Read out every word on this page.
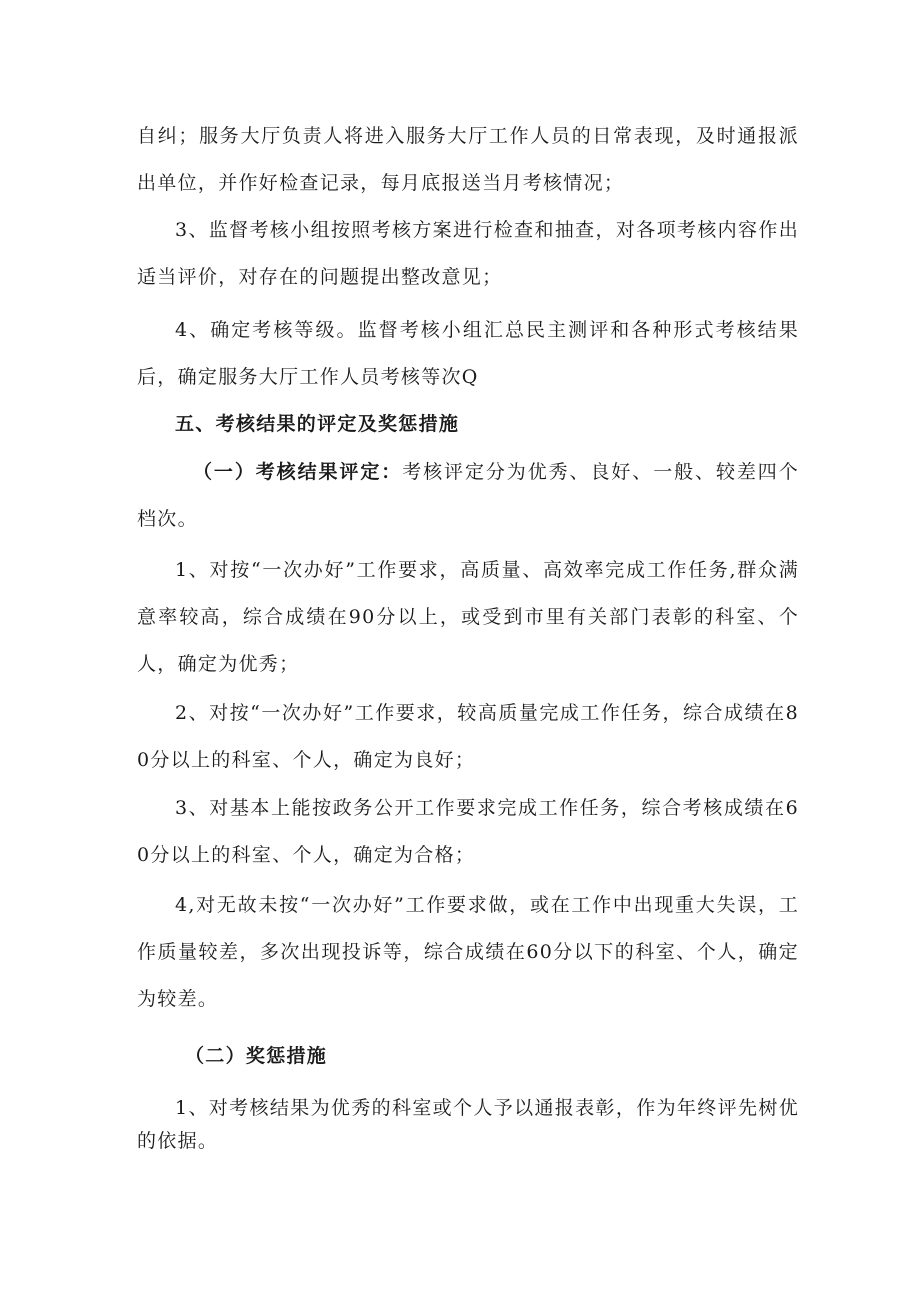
自纠；服务大厅负责人将进入服务大厅工作人员的日常表现，及时通报派出单位，并作好检查记录，每月底报送当月考核情况；

3、监督考核小组按照考核方案进行检查和抽查，对各项考核内容作出适当评价，对存在的问题提出整改意见；

4、确定考核等级。监督考核小组汇总民主测评和各种形式考核结果后，确定服务大厅工作人员考核等次Q

五、考核结果的评定及奖惩措施

（一）考核结果评定：考核评定分为优秀、良好、一般、较差四个档次。

1、对按“一次办好”工作要求，高质量、高效率完成工作任务,群众满意率较高，综合成绩在90分以上，或受到市里有关部门表彰的科室、个人，确定为优秀；

2、对按“一次办好”工作要求，较高质量完成工作任务，综合成绩在80分以上的科室、个人，确定为良好；

3、对基本上能按政务公开工作要求完成工作任务，综合考核成绩在60分以上的科室、个人，确定为合格；

4,对无故未按“一次办好”工作要求做，或在工作中出现重大失误，工作质量较差，多次出现投诉等，综合成绩在60分以下的科室、个人，确定为较差。

（二）奖惩措施

1、对考核结果为优秀的科室或个人予以通报表彰，作为年终评先树优的依据。
